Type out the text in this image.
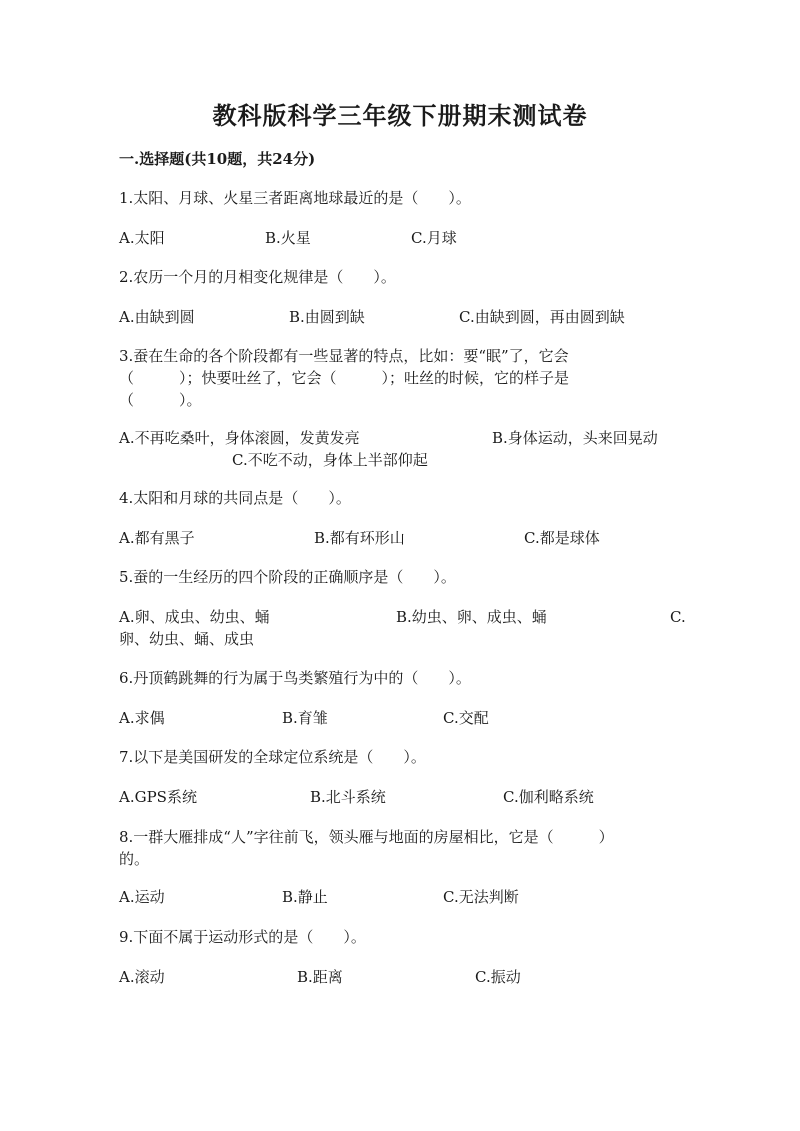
教科版科学三年级下册期末测试卷
一.选择题(共10题，共24分)
1.太阳、月球、火星三者距离地球最近的是（　　）。
A.太阳	B.火星	C.月球
2.农历一个月的月相变化规律是（　　）。
A.由缺到圆	B.由圆到缺	C.由缺到圆，再由圆到缺
3.蚕在生命的各个阶段都有一些显著的特点，比如：要“眠”了，它会
（　　　）；快要吐丝了，它会（　　　）；吐丝的时候，它的样子是
（　　　）。
A.不再吃桑叶，身体滚圆，发黄发亮	B.身体运动，头来回晃动
C.不吃不动，身体上半部仰起
4.太阳和月球的共同点是（　　）。
A.都有黑子	B.都有环形山	C.都是球体
5.蚕的一生经历的四个阶段的正确顺序是（　　）。
A.卵、成虫、幼虫、蛹	B.幼虫、卵、成虫、蛹	C.
卵、幼虫、蛹、成虫
6.丹顶鹤跳舞的行为属于鸟类繁殖行为中的（　　）。
A.求偶	B.育雏	C.交配
7.以下是美国研发的全球定位系统是（　　）。
A.GPS系统	B.北斗系统	C.伽利略系统
8.一群大雁排成“人”字往前飞，领头雁与地面的房屋相比，它是（　　　）
的。
A.运动	B.静止	C.无法判断
9.下面不属于运动形式的是（　　）。
A.滚动	B.距离	C.振动
